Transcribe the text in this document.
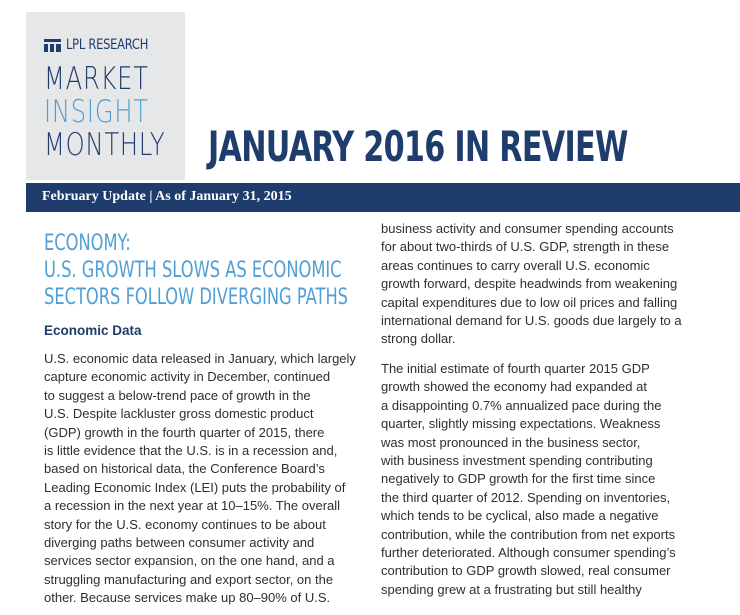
LPL RESEARCH
MARKET
INSIGHT
MONTHLY JANUARY 2016 IN REVIEW
February Update | As of January 31, 2015
ECONOMY:
U.S. GROWTH SLOWS AS ECONOMIC
SECTORS FOLLOW DIVERGING PATHS
Economic Data
U.S. economic data released in January, which largely
capture economic activity in December, continued
to suggest a below-trend pace of growth in the
U.S. Despite lackluster gross domestic product
(GDP) growth in the fourth quarter of 2015, there
is little evidence that the U.S. is in a recession and,
based on historical data, the Conference Board’s
Leading Economic Index (LEI) puts the probability of
a recession in the next year at 10–15%. The overall
story for the U.S. economy continues to be about
diverging paths between consumer activity and
services sector expansion, on the one hand, and a
struggling manufacturing and export sector, on the
other. Because services make up 80–90% of U.S.
business activity and consumer spending accounts
for about two-thirds of U.S. GDP, strength in these
areas continues to carry overall U.S. economic
growth forward, despite headwinds from weakening
capital expenditures due to low oil prices and falling
international demand for U.S. goods due largely to a
strong dollar.
The initial estimate of fourth quarter 2015 GDP
growth showed the economy had expanded at
a disappointing 0.7% annualized pace during the
quarter, slightly missing expectations. Weakness
was most pronounced in the business sector,
with business investment spending contributing
negatively to GDP growth for the first time since
the third quarter of 2012. Spending on inventories,
which tends to be cyclical, also made a negative
contribution, while the contribution from net exports
further deteriorated. Although consumer spending’s
contribution to GDP growth slowed, real consumer
spending grew at a frustrating but still healthy
